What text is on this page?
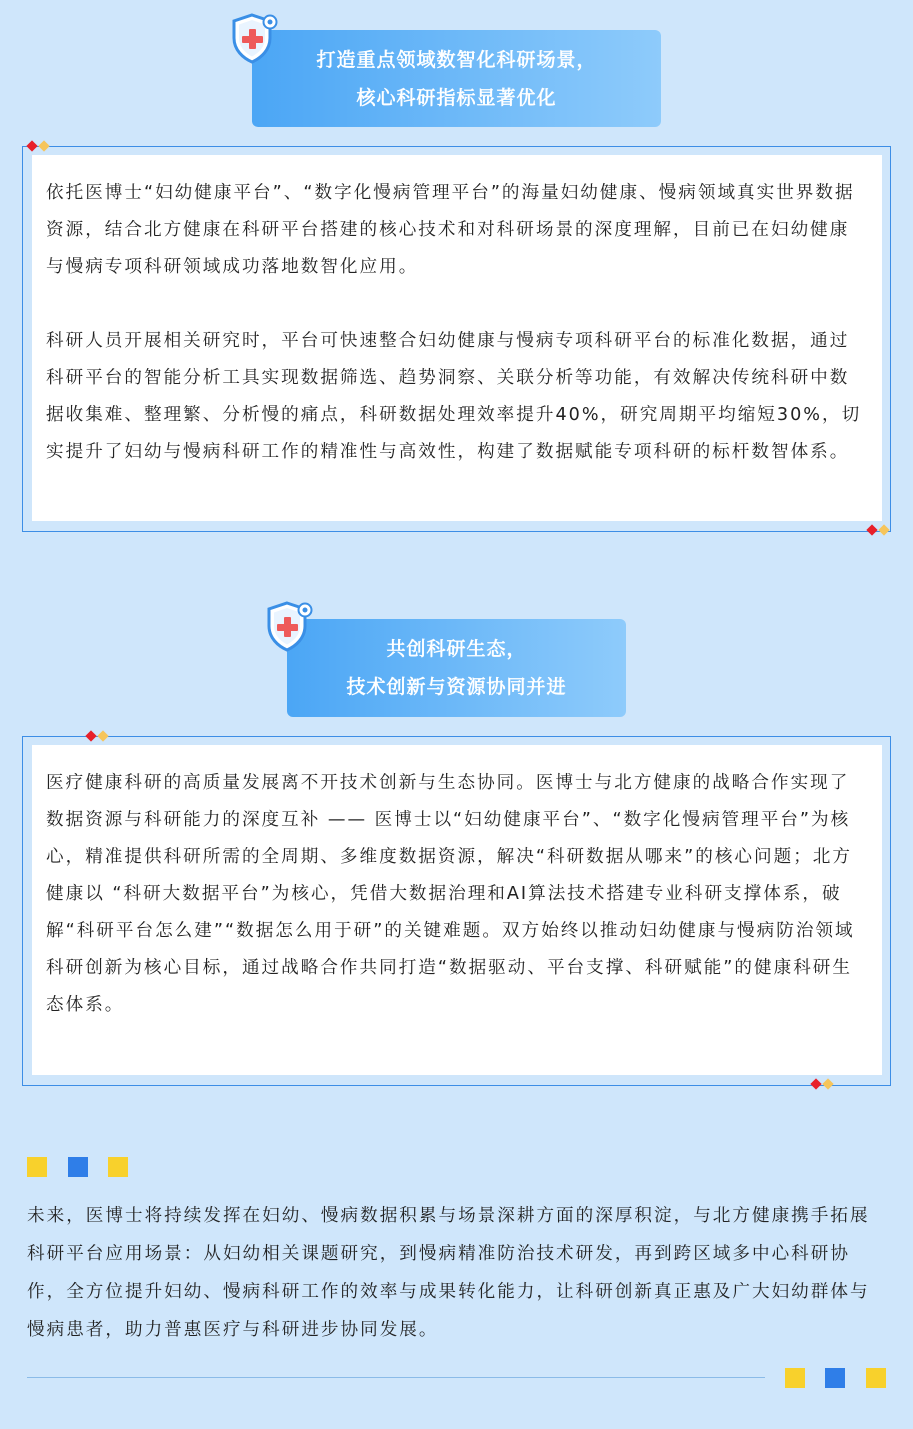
打造重点领域数智化科研场景，
核心科研指标显著优化

依托医博士“妇幼健康平台”、“数字化慢病管理平台”的海量妇幼健康、慢病领域真实世界数据资源，结合北方健康在科研平台搭建的核心技术和对科研场景的深度理解，目前已在妇幼健康与慢病专项科研领域成功落地数智化应用。

科研人员开展相关研究时，平台可快速整合妇幼健康与慢病专项科研平台的标准化数据，通过科研平台的智能分析工具实现数据筛选、趋势洞察、关联分析等功能，有效解决传统科研中数据收集难、整理繁、分析慢的痛点，科研数据处理效率提升40%，研究周期平均缩短30%，切实提升了妇幼与慢病科研工作的精准性与高效性，构建了数据赋能专项科研的标杆数智体系。

共创科研生态，
技术创新与资源协同并进

医疗健康科研的高质量发展离不开技术创新与生态协同。医博士与北方健康的战略合作实现了数据资源与科研能力的深度互补 —— 医博士以“妇幼健康平台”、“数字化慢病管理平台”为核心，精准提供科研所需的全周期、多维度数据资源，解决“科研数据从哪来”的核心问题；北方健康以 “科研大数据平台”为核心，凭借大数据治理和AI算法技术搭建专业科研支撑体系，破解“科研平台怎么建”“数据怎么用于研”的关键难题。双方始终以推动妇幼健康与慢病防治领域科研创新为核心目标，通过战略合作共同打造“数据驱动、平台支撑、科研赋能”的健康科研生态体系。

未来，医博士将持续发挥在妇幼、慢病数据积累与场景深耕方面的深厚积淀，与北方健康携手拓展科研平台应用场景：从妇幼相关课题研究，到慢病精准防治技术研发，再到跨区域多中心科研协作，全方位提升妇幼、慢病科研工作的效率与成果转化能力，让科研创新真正惠及广大妇幼群体与慢病患者，助力普惠医疗与科研进步协同发展。
